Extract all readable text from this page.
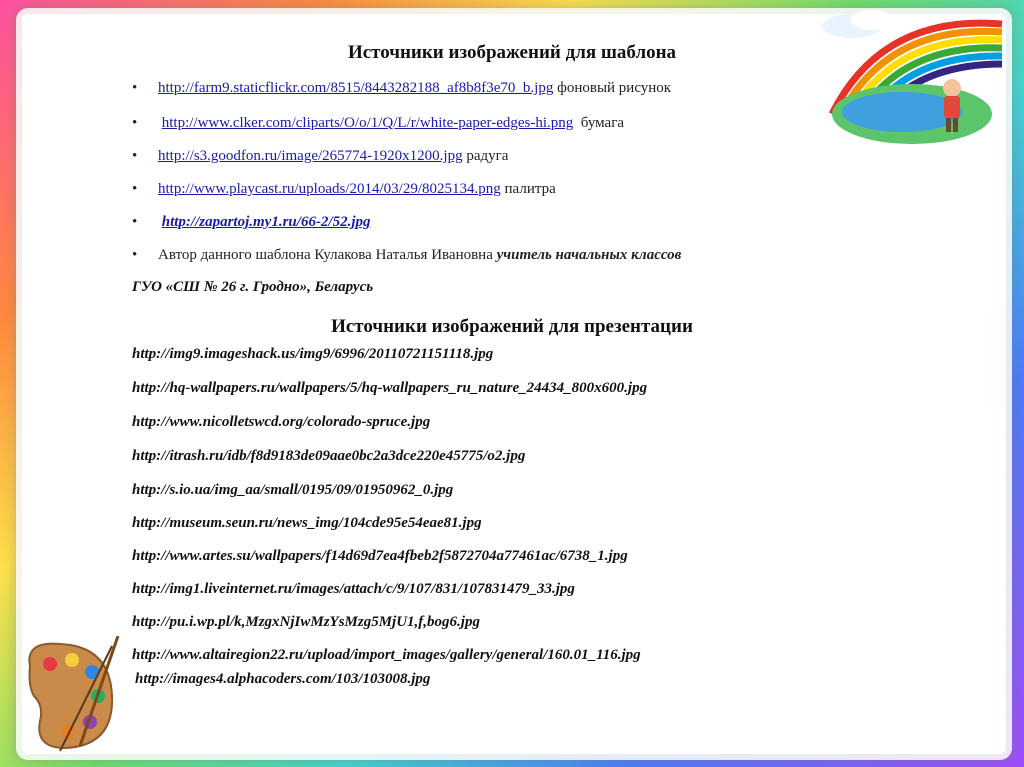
Источники изображений для шаблона
• http://farm9.staticflickr.com/8515/8443282188_af8b8f3e70_b.jpg фоновый рисунок
• http://www.clker.com/cliparts/O/o/1/Q/L/r/white-paper-edges-hi.png бумага
• http://s3.goodfon.ru/image/265774-1920x1200.jpg радуга
• http://www.playcast.ru/uploads/2014/03/29/8025134.png палитра
• http://zapartoj.my1.ru/66-2/52.jpg
• Автор данного шаблона Кулакова Наталья Ивановна учитель начальных классов
ГУО «СШ № 26 г. Гродно», Беларусь
Источники изображений для презентации
http://img9.imageshack.us/img9/6996/20110721151118.jpg
http://hq-wallpapers.ru/wallpapers/5/hq-wallpapers_ru_nature_24434_800x600.jpg
http://www.nicolletswcd.org/colorado-spruce.jpg
http://itrash.ru/idb/f8d9183de09aae0bc2a3dce220e45775/o2.jpg
http://s.io.ua/img_aa/small/0195/09/01950962_0.jpg
http://museum.seun.ru/news_img/104cde95e54eae81.jpg
http://www.artes.su/wallpapers/f14d69d7ea4fbeb2f5872704a77461ac/6738_1.jpg
http://img1.liveinternet.ru/images/attach/c/9/107/831/107831479_33.jpg
http://pu.i.wp.pl/k,MzgxNjIwMzYsMzg5MjU1,f,bog6.jpg
http://www.altairegion22.ru/upload/import_images/gallery/general/160.01_116.jpg
http://images4.alphacoders.com/103/103008.jpg
